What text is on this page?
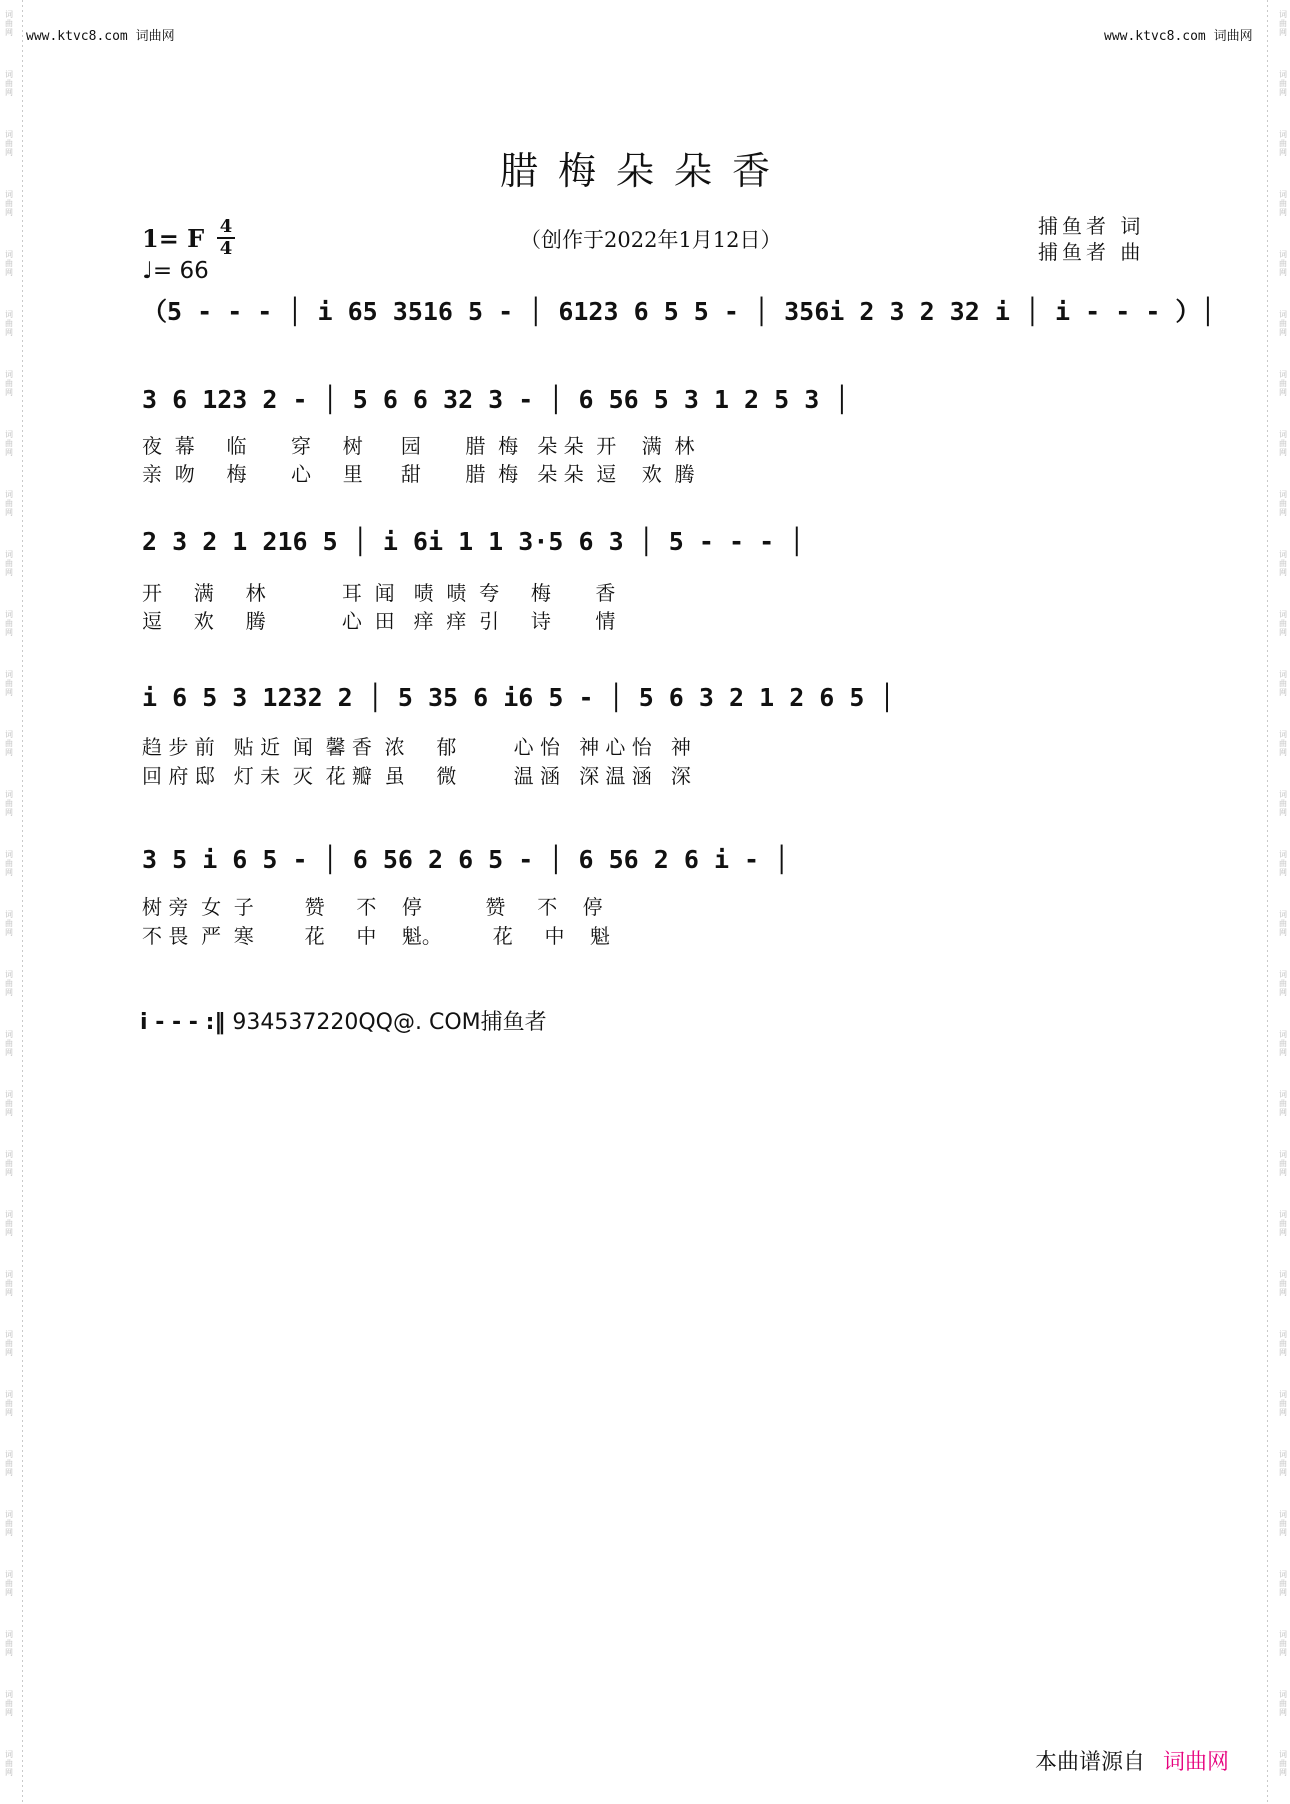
词
曲
网
词
曲
网
词
曲
网
词
曲
网
词
曲
网
词
曲
网
词
曲
网
词
曲
网
词
曲
网
词
曲
网
词
曲
网
词
曲
网
词
曲
网
词
曲
网
词
曲
网
词
曲
网
词
曲
网
词
曲
网
词
曲
网
词
曲
网
词
曲
网
词
曲
网
词
曲
网
词
曲
网
词
曲
网
词
曲
网
词
曲
网
词
曲
网
词
曲
网
词
曲
网
词
曲
网
词
曲
网
词
曲
网
词
曲
网
词
曲
网
词
曲
网
词
曲
网
词
曲
网
词
曲
网
词
曲
网
词
曲
网
词
曲
网
词
曲
网
词
曲
网
词
曲
网
词
曲
网
词
曲
网
词
曲
网
词
曲
网
词
曲
网
词
曲
网
词
曲
网
词
曲
网
词
曲
网
词
曲
网
词
曲
网
词
曲
网
词
曲
网
词
曲
网
词
曲
网
www.ktvc8.com 词曲网	www.ktvc8.com 词曲网
腊梅朵朵香
（创作于2022年1月12日）
捕鱼者 词
捕鱼者 曲
1= F 4
4
♩= 66
（5 - - - │ i 65 3516 5 - │ 6123 6 5 5 - │ 356i 2 3 2 32 i │ i - - - ）│
3 6 123 2 - │ 5 6 6 32 3 - │ 6 56 5 3 1 2 5 3 │
2 3 2 1 216 5 │ i 6i 1 1 3·5 6 3 │ 5 - - - │
i 6 5 3 1232 2 │ 5 35 6 i6 5 - │ 5 6 3 2 1 2 6 5 │
3 5 i 6 5 - │ 6 56 2 6 5 - │ 6 56 2 6 i - │
夜  幕     临       穿     树      园       腊  梅   朵 朵  开    满  林
亲  吻     梅       心     里      甜       腊  梅   朵 朵  逗    欢  腾
开     满     林            耳  闻   啧  啧  夸     梅       香
逗     欢     腾            心  田   痒  痒  引     诗       情
趋 步 前   贴 近  闻  馨 香  浓     郁         心 怡   神 心 怡   神
回 府 邸   灯 未  灭  花 瓣  虽     微         温 涵   深 温 涵   深
树 旁  女  子        赞     不    停          赞     不    停
不 畏  严  寒        花     中    魁。        花     中    魁
i - - - :‖ 934537220QQ@. COM捕鱼者
本曲谱源自 词曲网
